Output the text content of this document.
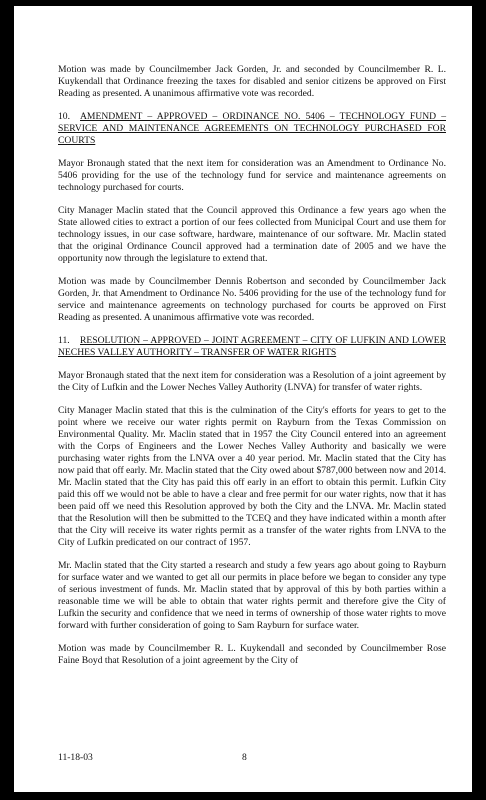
Motion was made by Councilmember Jack Gorden, Jr. and seconded by Councilmember R. L. Kuykendall that Ordinance freezing the taxes for disabled and senior citizens be approved on First Reading as presented. A unanimous affirmative vote was recorded.

10. AMENDMENT – APPROVED – ORDINANCE NO. 5406 – TECHNOLOGY FUND – SERVICE AND MAINTENANCE AGREEMENTS ON TECHNOLOGY PURCHASED FOR COURTS

Mayor Bronaugh stated that the next item for consideration was an Amendment to Ordinance No. 5406 providing for the use of the technology fund for service and maintenance agreements on technology purchased for courts.

City Manager Maclin stated that the Council approved this Ordinance a few years ago when the State allowed cities to extract a portion of our fees collected from Municipal Court and use them for technology issues, in our case software, hardware, maintenance of our software. Mr. Maclin stated that the original Ordinance Council approved had a termination date of 2005 and we have the opportunity now through the legislature to extend that.

Motion was made by Councilmember Dennis Robertson and seconded by Councilmember Jack Gorden, Jr. that Amendment to Ordinance No. 5406 providing for the use of the technology fund for service and maintenance agreements on technology purchased for courts be approved on First Reading as presented. A unanimous affirmative vote was recorded.

11. RESOLUTION – APPROVED – JOINT AGREEMENT – CITY OF LUFKIN AND LOWER NECHES VALLEY AUTHORITY – TRANSFER OF WATER RIGHTS

Mayor Bronaugh stated that the next item for consideration was a Resolution of a joint agreement by the City of Lufkin and the Lower Neches Valley Authority (LNVA) for transfer of water rights.

City Manager Maclin stated that this is the culmination of the City's efforts for years to get to the point where we receive our water rights permit on Rayburn from the Texas Commission on Environmental Quality. Mr. Maclin stated that in 1957 the City Council entered into an agreement with the Corps of Engineers and the Lower Neches Valley Authority and basically we were purchasing water rights from the LNVA over a 40 year period. Mr. Maclin stated that the City has now paid that off early. Mr. Maclin stated that the City owed about $787,000 between now and 2014. Mr. Maclin stated that the City has paid this off early in an effort to obtain this permit. Lufkin City paid this off we would not be able to have a clear and free permit for our water rights, now that it has been paid off we need this Resolution approved by both the City and the LNVA. Mr. Maclin stated that the Resolution will then be submitted to the TCEQ and they have indicated within a month after that the City will receive its water rights permit as a transfer of the water rights from LNVA to the City of Lufkin predicated on our contract of 1957.

Mr. Maclin stated that the City started a research and study a few years ago about going to Rayburn for surface water and we wanted to get all our permits in place before we began to consider any type of serious investment of funds. Mr. Maclin stated that by approval of this by both parties within a reasonable time we will be able to obtain that water rights permit and therefore give the City of Lufkin the security and confidence that we need in terms of ownership of those water rights to move forward with further consideration of going to Sam Rayburn for surface water.

Motion was made by Councilmember R. L. Kuykendall and seconded by Councilmember Rose Faine Boyd that Resolution of a joint agreement by the City of

11-18-03	8
